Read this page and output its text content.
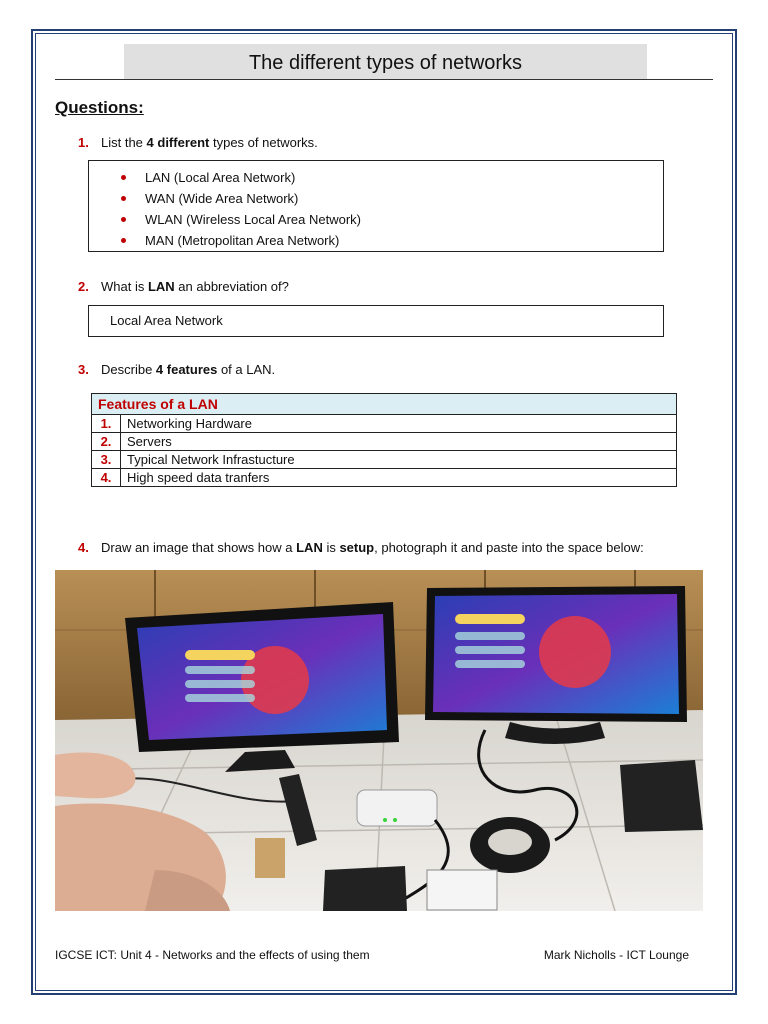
The different types of networks
Questions:
1. List the 4 different types of networks.
LAN (Local Area Network)
WAN (Wide Area Network)
WLAN (Wireless Local Area Network)
MAN (Metropolitan Area Network)
2. What is LAN an abbreviation of?
Local Area Network
3. Describe 4 features of a LAN.
Features of a LAN	
1.	Networking Hardware
2.	Servers
3.	Typical Network Infrastucture
4.	High speed data tranfers
4. Draw an image that shows how a LAN is setup, photograph it and paste into the space below:
IGCSE ICT: Unit 4 - Networks and the effects of using them	Mark Nicholls - ICT Lounge
